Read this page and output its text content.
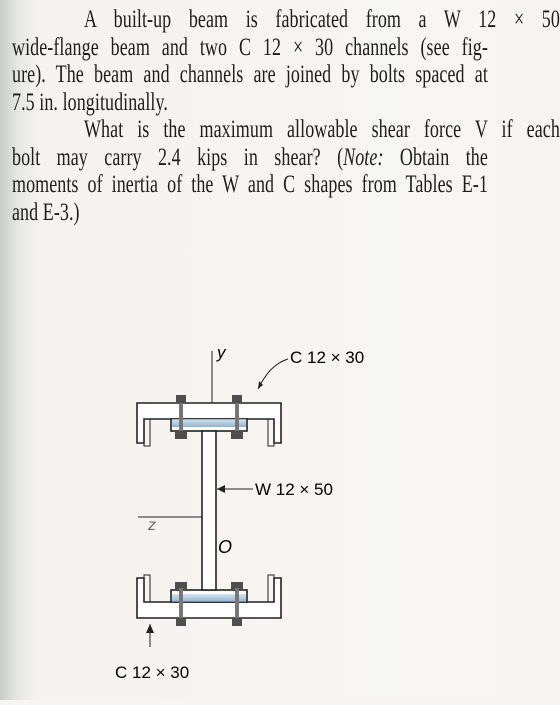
A built-up beam is fabricated from a W 12 × 50
wide-flange beam and two C 12 × 30 channels (see fig-
ure). The beam and channels are joined by bolts spaced at
7.5 in. longitudinally.
What is the maximum allowable shear force V if each
bolt may carry 2.4 kips in shear? (Note: Obtain the
moments of inertia of the W and C shapes from Tables E-1
and E-3.)
y
z
O
C 12 × 30
W 12 × 50
C 12 × 30
